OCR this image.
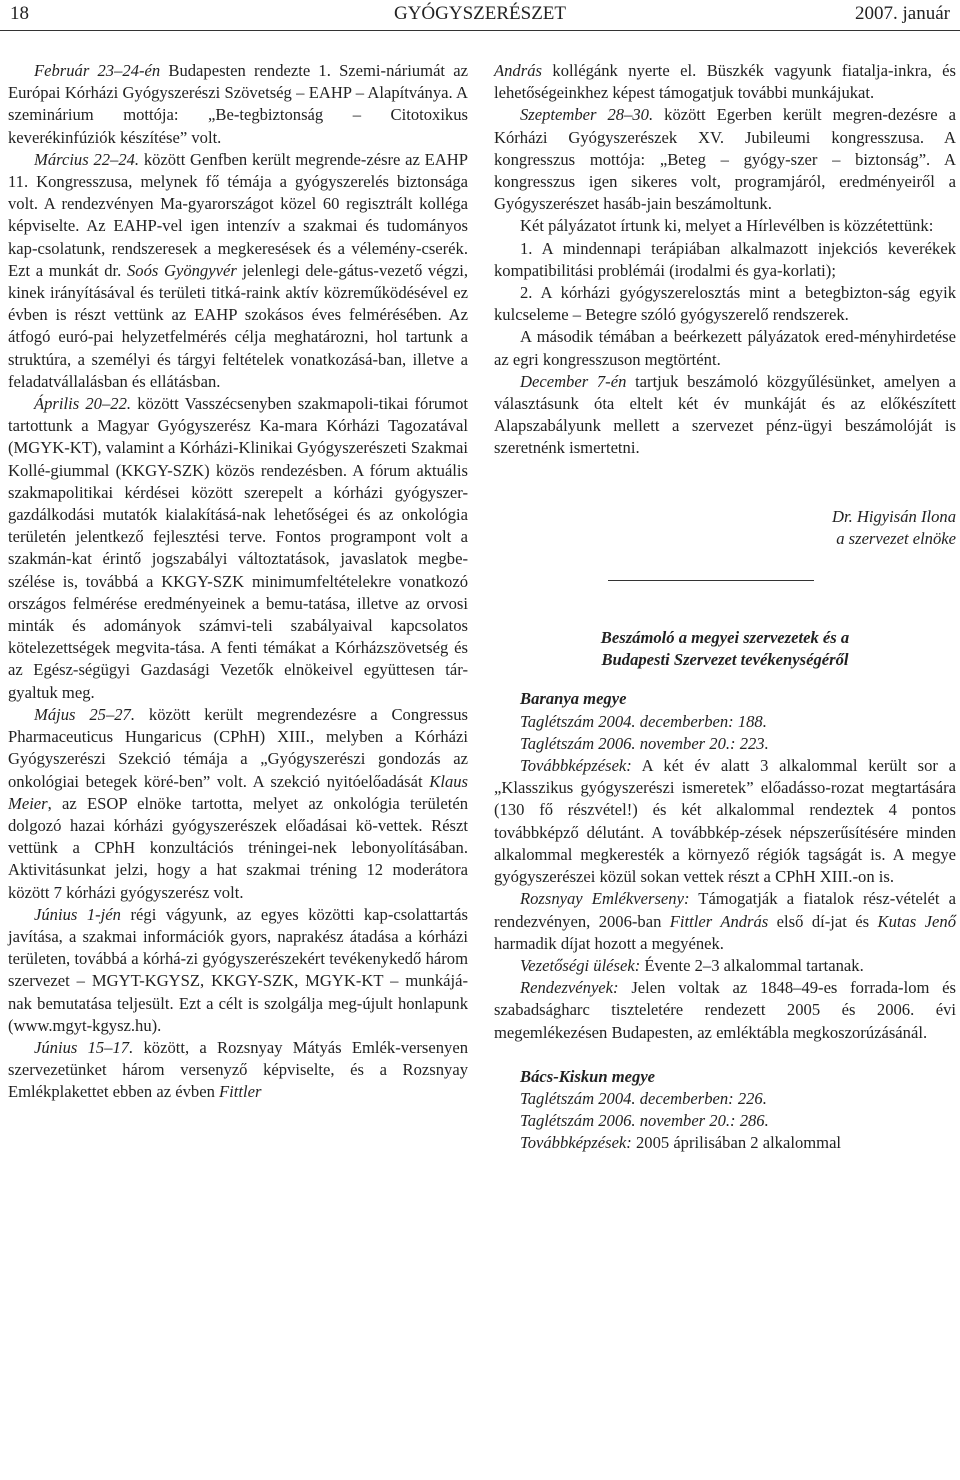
18	GYÓGYSZERÉSZET	2007. január

Február 23–24-én Budapesten rendezte 1. Szemi-náriumát az Európai Kórházi Gyógyszerészi Szövetség – EAHP – Alapítványa. A szeminárium mottója: „Be-tegbiztonság – Citotoxikus keverékinfúziók készítése” volt.

Március 22–24. között Genfben került megrende-zésre az EAHP 11. Kongresszusa, melynek fő témája a gyógyszerelés biztonsága volt. A rendezvényen Ma-gyarországot közel 60 regisztrált kolléga képviselte. Az EAHP-vel igen intenzív a szakmai és tudományos kap-csolatunk, rendszeresek a megkeresések és a vélemény-cserék. Ezt a munkát dr. Soós Gyöngyvér jelenlegi dele-gátus-vezető végzi, kinek irányításával és területi titká-raink aktív közreműködésével ez évben is részt vettünk az EAHP szokásos éves felmérésében. Az átfogó euró-pai helyzetfelmérés célja meghatározni, hol tartunk a struktúra, a személyi és tárgyi feltételek vonatkozásá-ban, illetve a feladatvállalásban és ellátásban.

Április 20–22. között Vasszécsenyben szakmapoli-tikai fórumot tartottunk a Magyar Gyógyszerész Ka-mara Kórházi Tagozatával (MGYK-KT), valamint a Kórházi-Klinikai Gyógyszerészeti Szakmai Kollé-giummal (KKGY-SZK) közös rendezésben. A fórum aktuális szakmapolitikai kérdései között szerepelt a kórházi gyógyszer-gazdálkodási mutatók kialakításá-nak lehetőségei és az onkológia területén jelentkező fejlesztési terve. Fontos programpont volt a szakmán-kat érintő jogszabályi változtatások, javaslatok megbe-szélése is, továbbá a KKGY-SZK minimumfeltételekre vonatkozó országos felmérése eredményeinek a bemu-tatása, illetve az orvosi minták és adományok számvi-teli szabályaival kapcsolatos kötelezettségek megvita-tása. A fenti témákat a Kórházszövetség és az Egész-ségügyi Gazdasági Vezetők elnökeivel együttesen tár-gyaltuk meg.

Május 25–27. között került megrendezésre a Congressus Pharmaceuticus Hungaricus (CPhH) XIII., melyben a Kórházi Gyógyszerészi Szekció témája a „Gyógyszerészi gondozás az onkológiai betegek köré-ben” volt. A szekció nyitóelőadását Klaus Meier, az ESOP elnöke tartotta, melyet az onkológia területén dolgozó hazai kórházi gyógyszerészek előadásai kö-vettek. Részt vettünk a CPhH konzultációs tréningei-nek lebonyolításában. Aktivitásunkat jelzi, hogy a hat szakmai tréning 12 moderátora között 7 kórházi gyógyszerész volt.

Június 1-jén régi vágyunk, az egyes közötti kap-csolattartás javítása, a szakmai információk gyors, naprakész átadása a kórházi területen, továbbá a kórhá-zi gyógyszerészekért tevékenykedő három szervezet – MGYT-KGYSZ, KKGY-SZK, MGYK-KT – munkájá-nak bemutatása teljesült. Ezt a célt is szolgálja meg-újult honlapunk (www.mgyt-kgysz.hu).

Június 15–17. között, a Rozsnyay Mátyás Emlék-versenyen szervezetünket három versenyző képviselte, és a Rozsnyay Emlékplakettet ebben az évben Fittler

András kollégánk nyerte el. Büszkék vagyunk fiatalja-inkra, és lehetőségeinkhez képest támogatjuk további munkájukat.

Szeptember 28–30. között Egerben került megren-dezésre a Kórházi Gyógyszerészek XV. Jubileumi kongresszusa. A kongresszus mottója: „Beteg – gyógy-szer – biztonság”. A kongresszus igen sikeres volt, programjáról, eredményeiről a Gyógyszerészet hasáb-jain beszámoltunk.

Két pályázatot írtunk ki, melyet a Hírlevélben is közzétettünk:

1. A mindennapi terápiában alkalmazott injekciós keverékek kompatibilitási problémái (irodalmi és gya-korlati);

2. A kórházi gyógyszerelosztás mint a betegbizton-ság egyik kulcseleme – Betegre szóló gyógyszerelő rendszerek.

A második témában a beérkezett pályázatok ered-ményhirdetése az egri kongresszuson megtörtént.

December 7-én tartjuk beszámoló közgyűlésünket, amelyen a választásunk óta eltelt két év munkáját és az előkészített Alapszabályunk mellett a szervezet pénz-ügyi beszámolóját is szeretnénk ismertetni.

Dr. Higyisán Ilona
a szervezet elnöke
Beszámoló a megyei szervezetek és a
Budapesti Szervezet tevékenységéről
Baranya megye

Taglétszám 2004. decemberben: 188.

Taglétszám 2006. november 20.: 223.

Továbbképzések: A két év alatt 3 alkalommal került sor a „Klasszikus gyógyszerészi ismeretek” előadásso-rozat megtartására (130 fő részvétel!) és két alkalommal rendeztek 4 pontos továbbképző délutánt. A továbbkép-zések népszerűsítésére minden alkalommal megkeresték a környező régiók tagságát is. A megye gyógyszerészei közül sokan vettek részt a CPhH XIII.-on is.

Rozsnyay Emlékverseny: Támogatják a fiatalok rész-vételét a rendezvényen, 2006-ban Fittler András első dí-jat és Kutas Jenő harmadik díjat hozott a megyének.

Vezetőségi ülések: Évente 2–3 alkalommal tartanak.

Rendezvények: Jelen voltak az 1848–49-es forrada-lom és szabadságharc tiszteletére rendezett 2005 és 2006. évi megemlékezésen Budapesten, az emléktábla megkoszorúzásánál.

Bács-Kiskun megye

Taglétszám 2004. decemberben: 226.

Taglétszám 2006. november 20.: 286.

Továbbképzések: 2005 áprilisában 2 alkalommal
